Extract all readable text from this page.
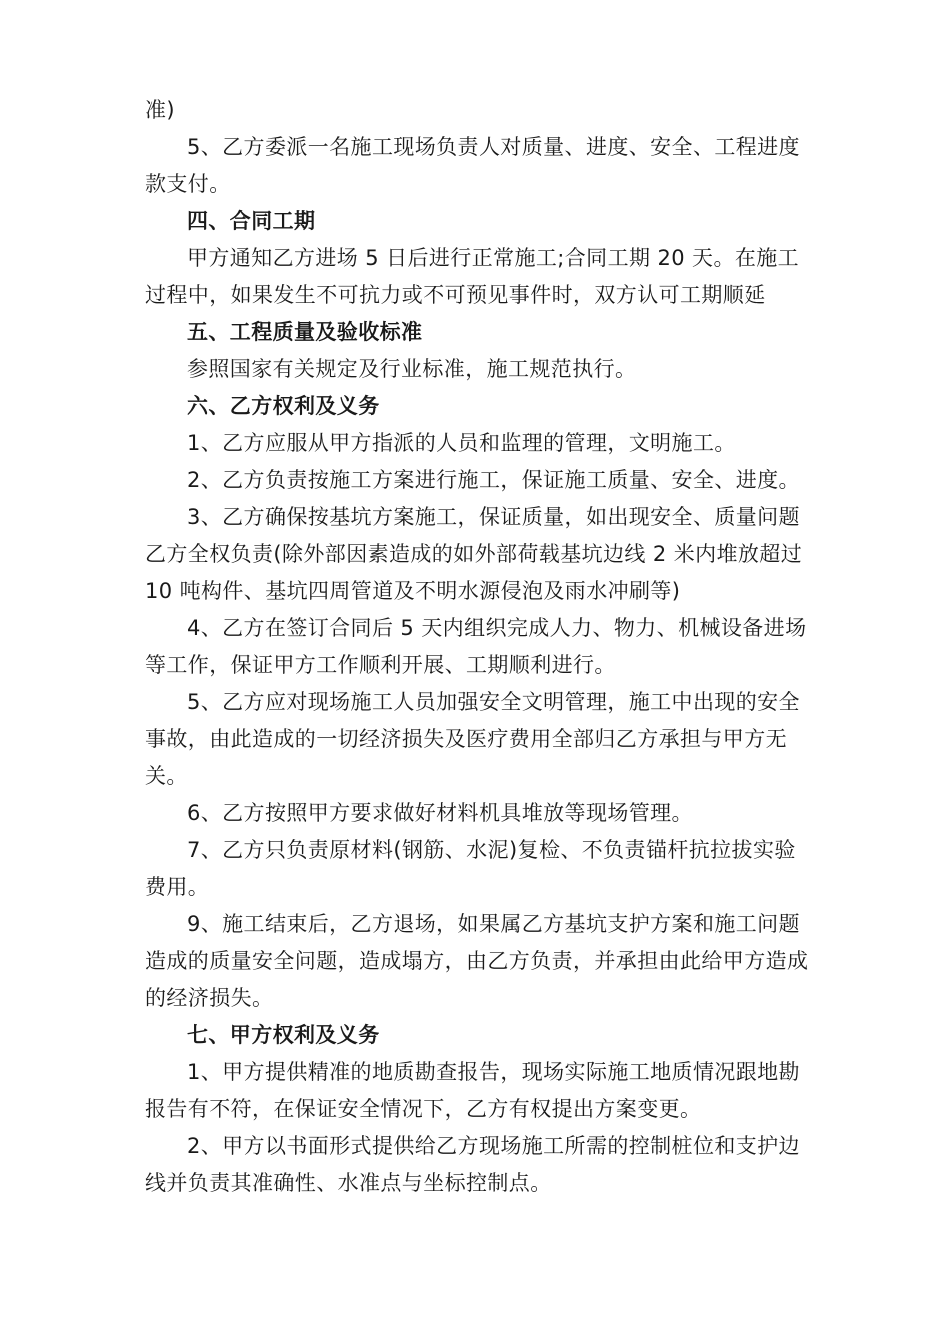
准)

5、乙方委派一名施工现场负责人对质量、进度、安全、工程进度款支付。

四、合同工期

甲方通知乙方进场 5 日后进行正常施工;合同工期 20 天。在施工过程中，如果发生不可抗力或不可预见事件时，双方认可工期顺延

五、工程质量及验收标准

参照国家有关规定及行业标准，施工规范执行。

六、乙方权利及义务

1、乙方应服从甲方指派的人员和监理的管理，文明施工。

2、乙方负责按施工方案进行施工，保证施工质量、安全、进度。

3、乙方确保按基坑方案施工，保证质量，如出现安全、质量问题乙方全权负责(除外部因素造成的如外部荷载基坑边线 2 米内堆放超过 10 吨构件、基坑四周管道及不明水源侵泡及雨水冲刷等)

4、乙方在签订合同后 5 天内组织完成人力、物力、机械设备进场等工作，保证甲方工作顺利开展、工期顺利进行。

5、乙方应对现场施工人员加强安全文明管理，施工中出现的安全事故，由此造成的一切经济损失及医疗费用全部归乙方承担与甲方无关。

6、乙方按照甲方要求做好材料机具堆放等现场管理。

7、乙方只负责原材料(钢筋、水泥)复检、不负责锚杆抗拉拔实验费用。

9、施工结束后，乙方退场，如果属乙方基坑支护方案和施工问题造成的质量安全问题，造成塌方，由乙方负责，并承担由此给甲方造成的经济损失。

七、甲方权利及义务

1、甲方提供精准的地质勘查报告，现场实际施工地质情况跟地勘报告有不符，在保证安全情况下，乙方有权提出方案变更。

2、甲方以书面形式提供给乙方现场施工所需的控制桩位和支护边线并负责其准确性、水准点与坐标控制点。
